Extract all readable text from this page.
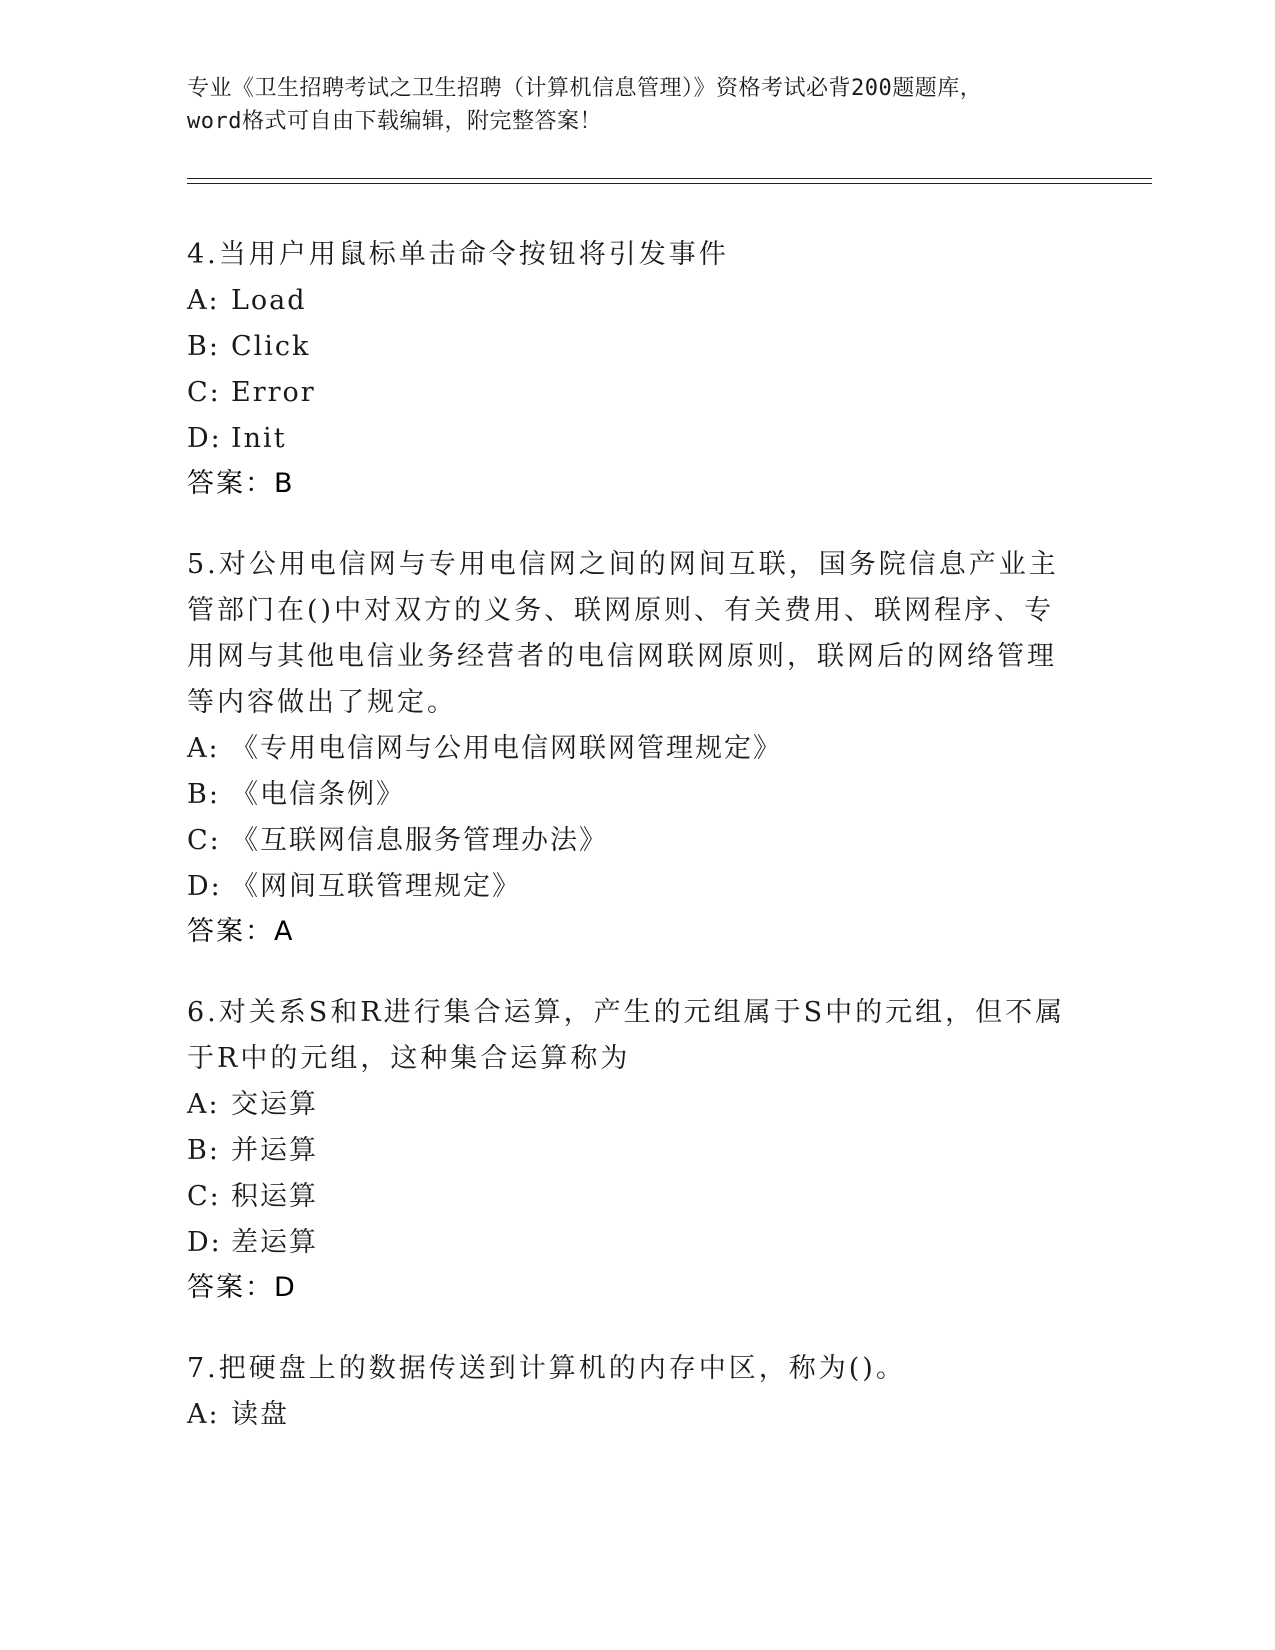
专业《卫生招聘考试之卫生招聘（计算机信息管理）》资格考试必背200题题库，
word格式可自由下载编辑，附完整答案！
4.当用户用鼠标单击命令按钮将引发事件
A: Load
B: Click
C: Error
D: Init
答案：B
5.对公用电信网与专用电信网之间的网间互联，国务院信息产业主管部门在()中对双方的义务、联网原则、有关费用、联网程序、专用网与其他电信业务经营者的电信网联网原则，联网后的网络管理等内容做出了规定。
A: 《专用电信网与公用电信网联网管理规定》
B: 《电信条例》
C: 《互联网信息服务管理办法》
D: 《网间互联管理规定》
答案：A
6.对关系S和R进行集合运算，产生的元组属于S中的元组，但不属于R中的元组，这种集合运算称为
A: 交运算
B: 并运算
C: 积运算
D: 差运算
答案：D
7.把硬盘上的数据传送到计算机的内存中区，称为()。
A: 读盘
